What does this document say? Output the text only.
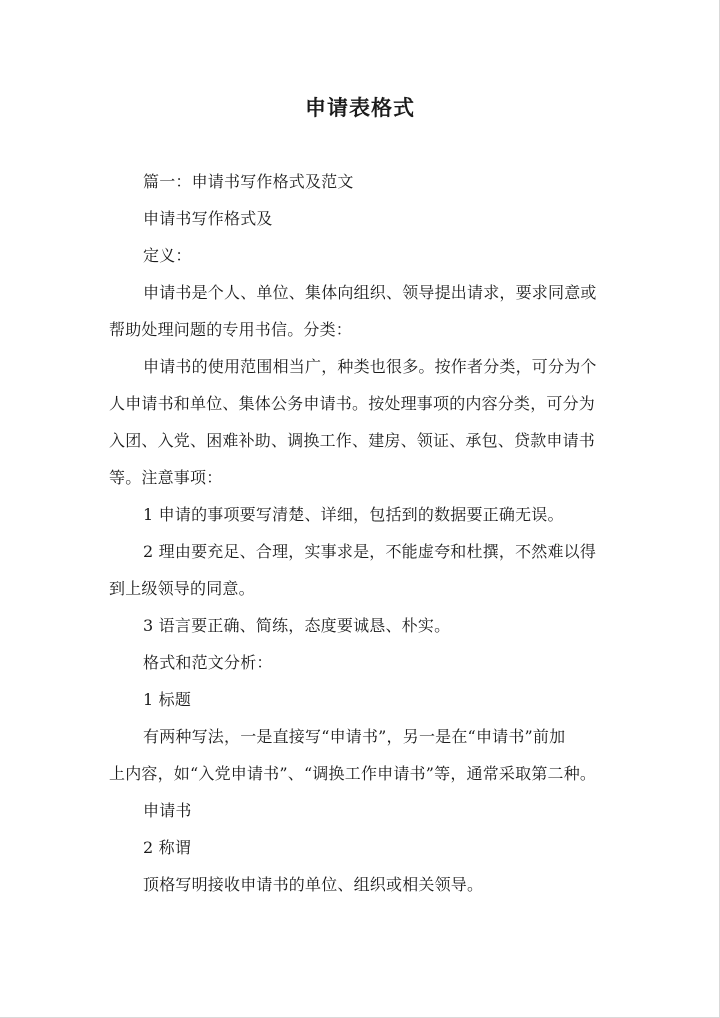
申请表格式

篇一：申请书写作格式及范文

申请书写作格式及

定义：

申请书是个人、单位、集体向组织、领导提出请求，要求同意或

帮助处理问题的专用书信。分类：

申请书的使用范围相当广，种类也很多。按作者分类，可分为个

人申请书和单位、集体公务申请书。按处理事项的内容分类，可分为

入团、入党、困难补助、调换工作、建房、领证、承包、贷款申请书

等。注意事项：

1 申请的事项要写清楚、详细，包括到的数据要正确无误。

2 理由要充足、合理，实事求是，不能虚夸和杜撰，不然难以得

到上级领导的同意。

3 语言要正确、简练，态度要诚恳、朴实。

格式和范文分析：

1 标题

有两种写法，一是直接写“申请书”，另一是在“申请书”前加

上内容，如“入党申请书”、“调换工作申请书”等，通常采取第二种。

申请书

2 称谓

顶格写明接收申请书的单位、组织或相关领导。
